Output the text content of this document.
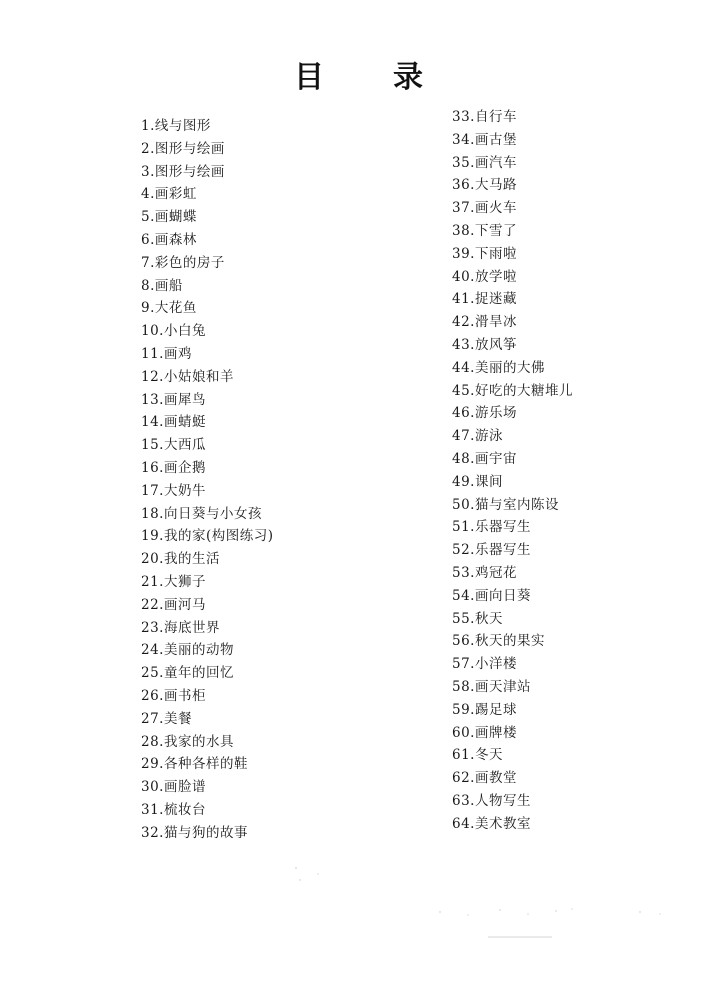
目 录
1.线与图形
2.图形与绘画
3.图形与绘画
4.画彩虹
5.画蝴蝶
6.画森林
7.彩色的房子
8.画船
9.大花鱼
10.小白兔
11.画鸡
12.小姑娘和羊
13.画犀鸟
14.画蜻蜓
15.大西瓜
16.画企鹅
17.大奶牛
18.向日葵与小女孩
19.我的家(构图练习)
20.我的生活
21.大狮子
22.画河马
23.海底世界
24.美丽的动物
25.童年的回忆
26.画书柜
27.美餐
28.我家的水具
29.各种各样的鞋
30.画脸谱
31.梳妆台
32.猫与狗的故事
33.自行车
34.画古堡
35.画汽车
36.大马路
37.画火车
38.下雪了
39.下雨啦
40.放学啦
41.捉迷藏
42.滑旱冰
43.放风筝
44.美丽的大佛
45.好吃的大糖堆儿
46.游乐场
47.游泳
48.画宇宙
49.课间
50.猫与室内陈设
51.乐器写生
52.乐器写生
53.鸡冠花
54.画向日葵
55.秋天
56.秋天的果实
57.小洋楼
58.画天津站
59.踢足球
60.画牌楼
61.冬天
62.画教堂
63.人物写生
64.美术教室
